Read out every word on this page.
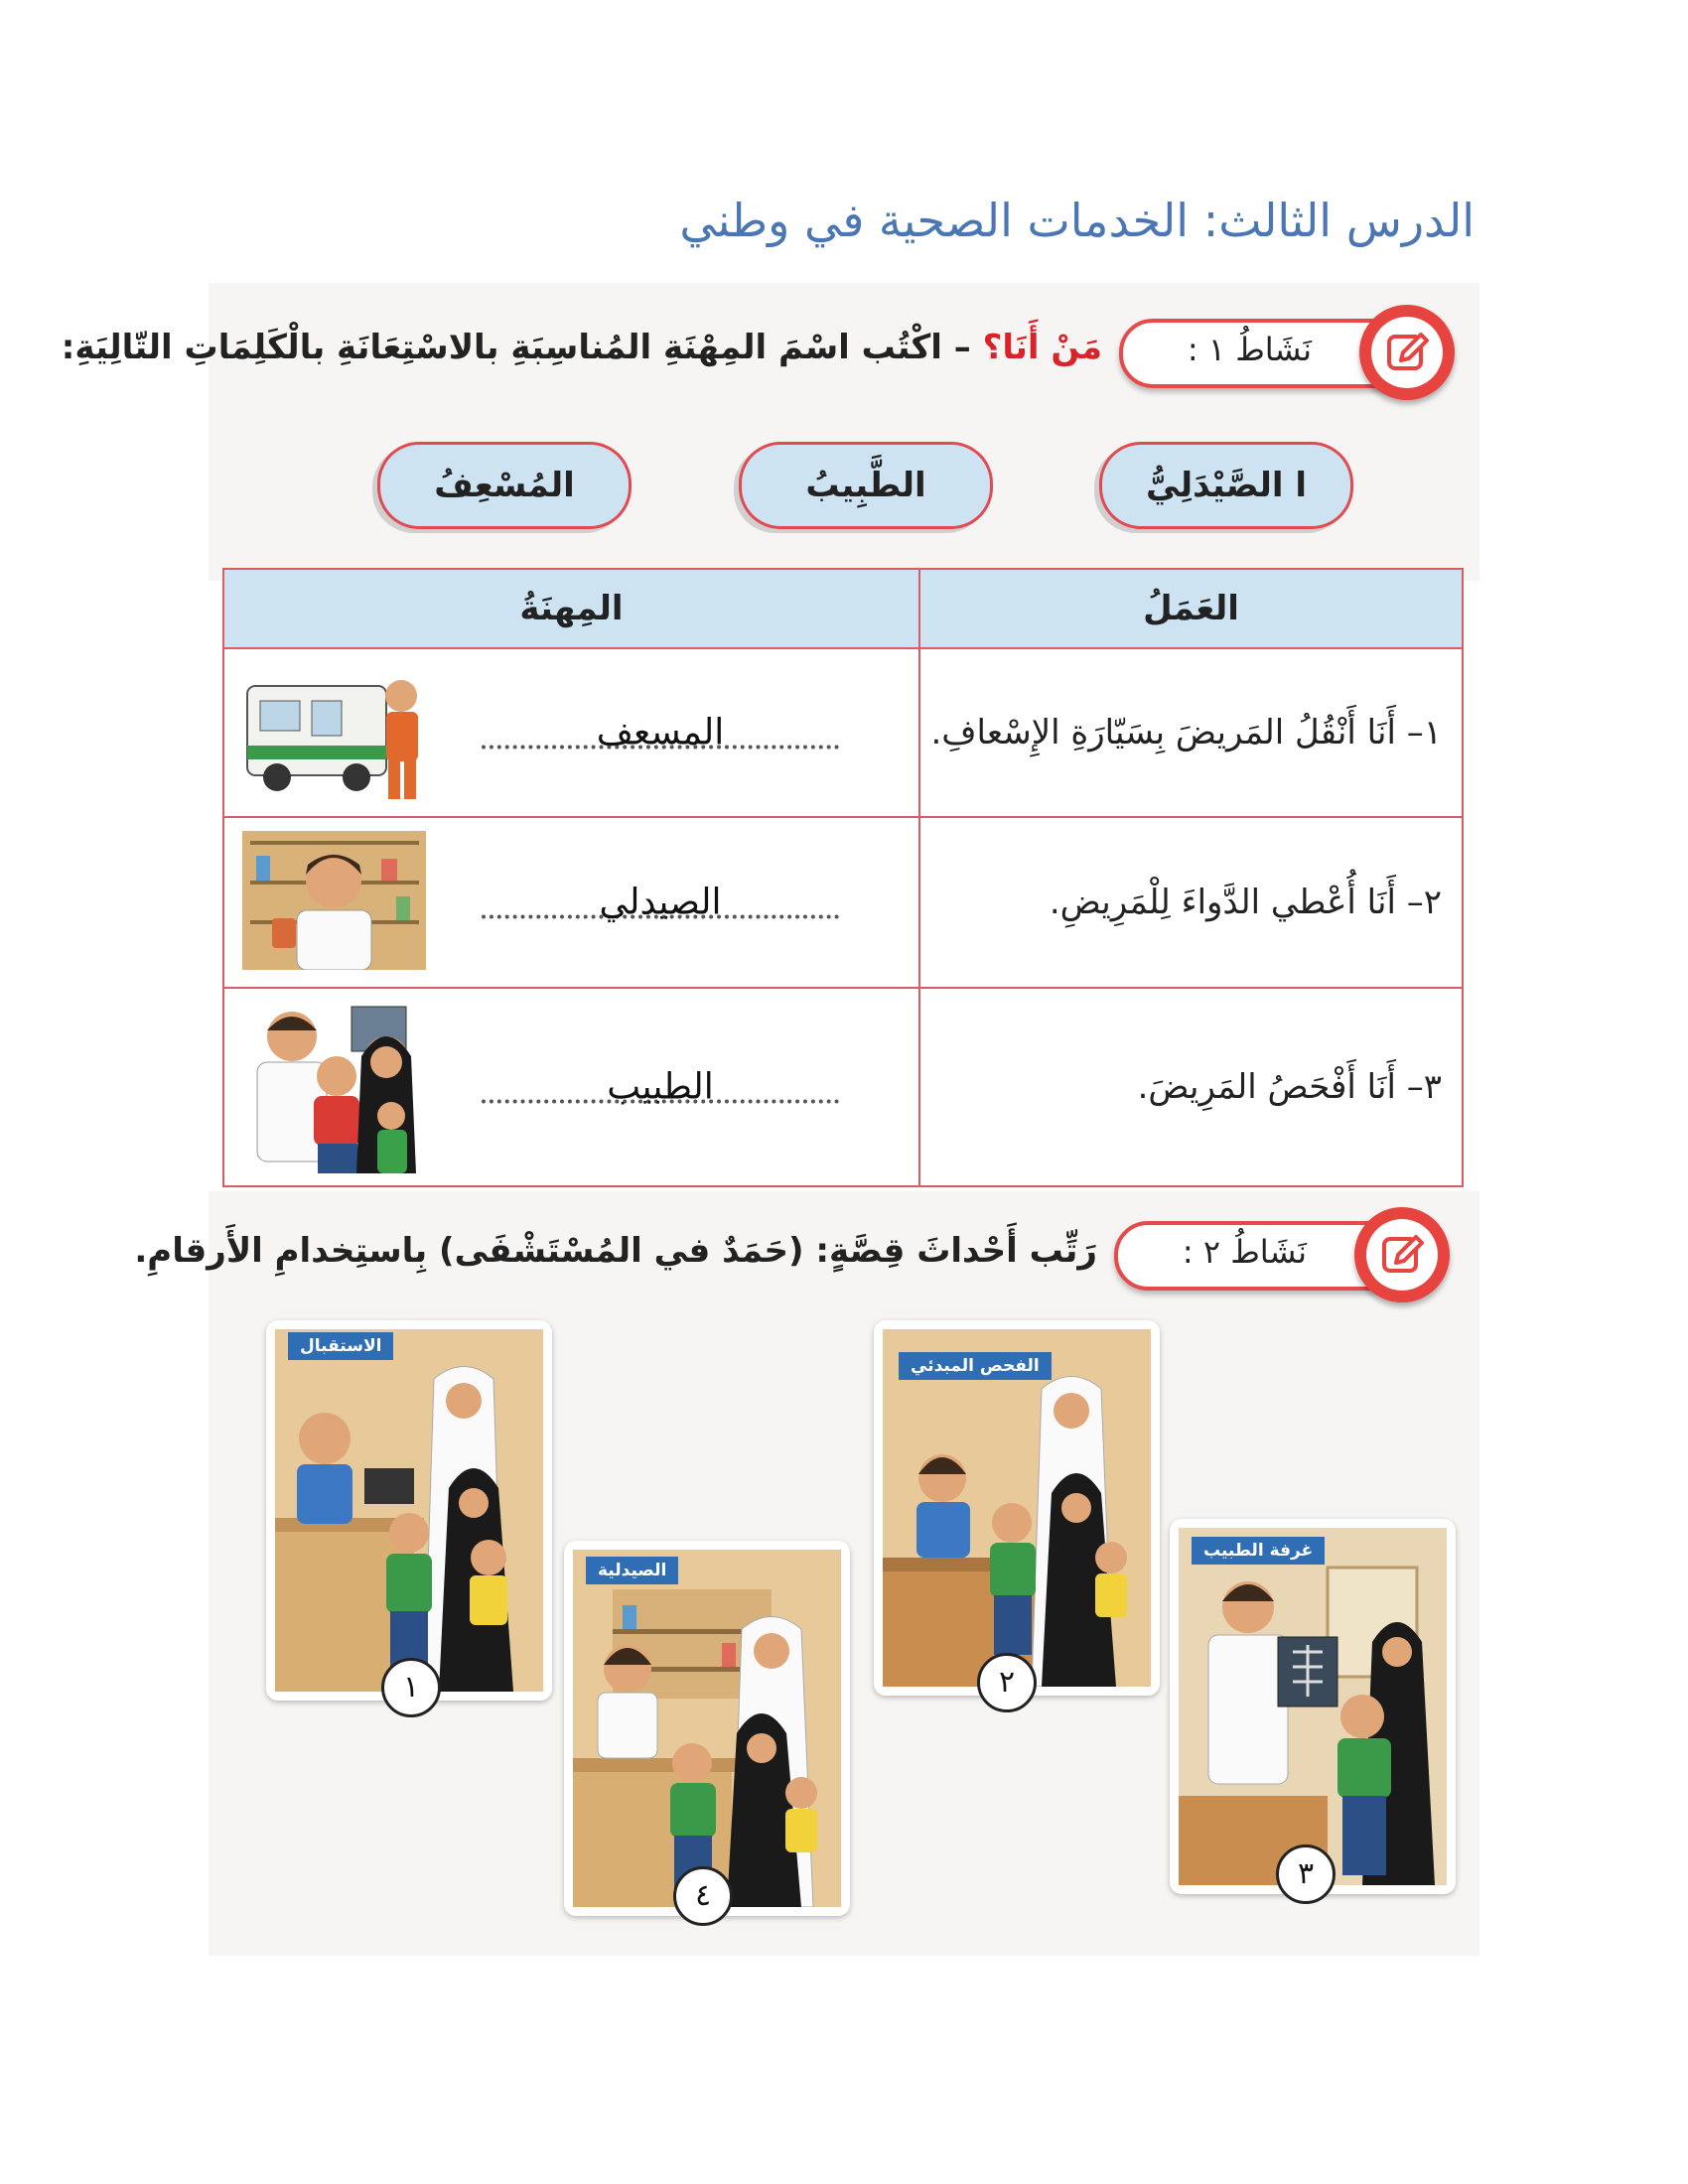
الدرس الثالث: الخدمات الصحية في وطني
نَشَاطُ ١ :
مَنْ أَنَا؟ – اكْتُب اسْمَ المِهْنَةِ المُناسِبَةِ بالاسْتِعَانَةِ بالْكَلِمَاتِ التّالِيَةِ:
ا الصَّيْدَلِيُّ
الطَّبِيبُ
المُسْعِفُ
العَمَلُ	المِهنَةُ
١– أَنَا أَنْقُلُ المَريضَ بِسَيّارَةِ الإِسْعافِ.	المسعف

٢– أَنَا أُعْطي الدَّواءَ لِلْمَرِيضِ.	الصيدلي

٣– أَنَا أَفْحَصُ المَرِيضَ.	الطبيب
نَشَاطُ ٢ :
رَتِّب أَحْداثَ قِصَّةٍ: (حَمَدٌ في المُسْتَشْفَى) بِاستِخدامِ الأَرقامِ.
الاستقبال
١
الفحص المبدئي
٢
غرفة الطبيب
٣
الصيدلية
٤
